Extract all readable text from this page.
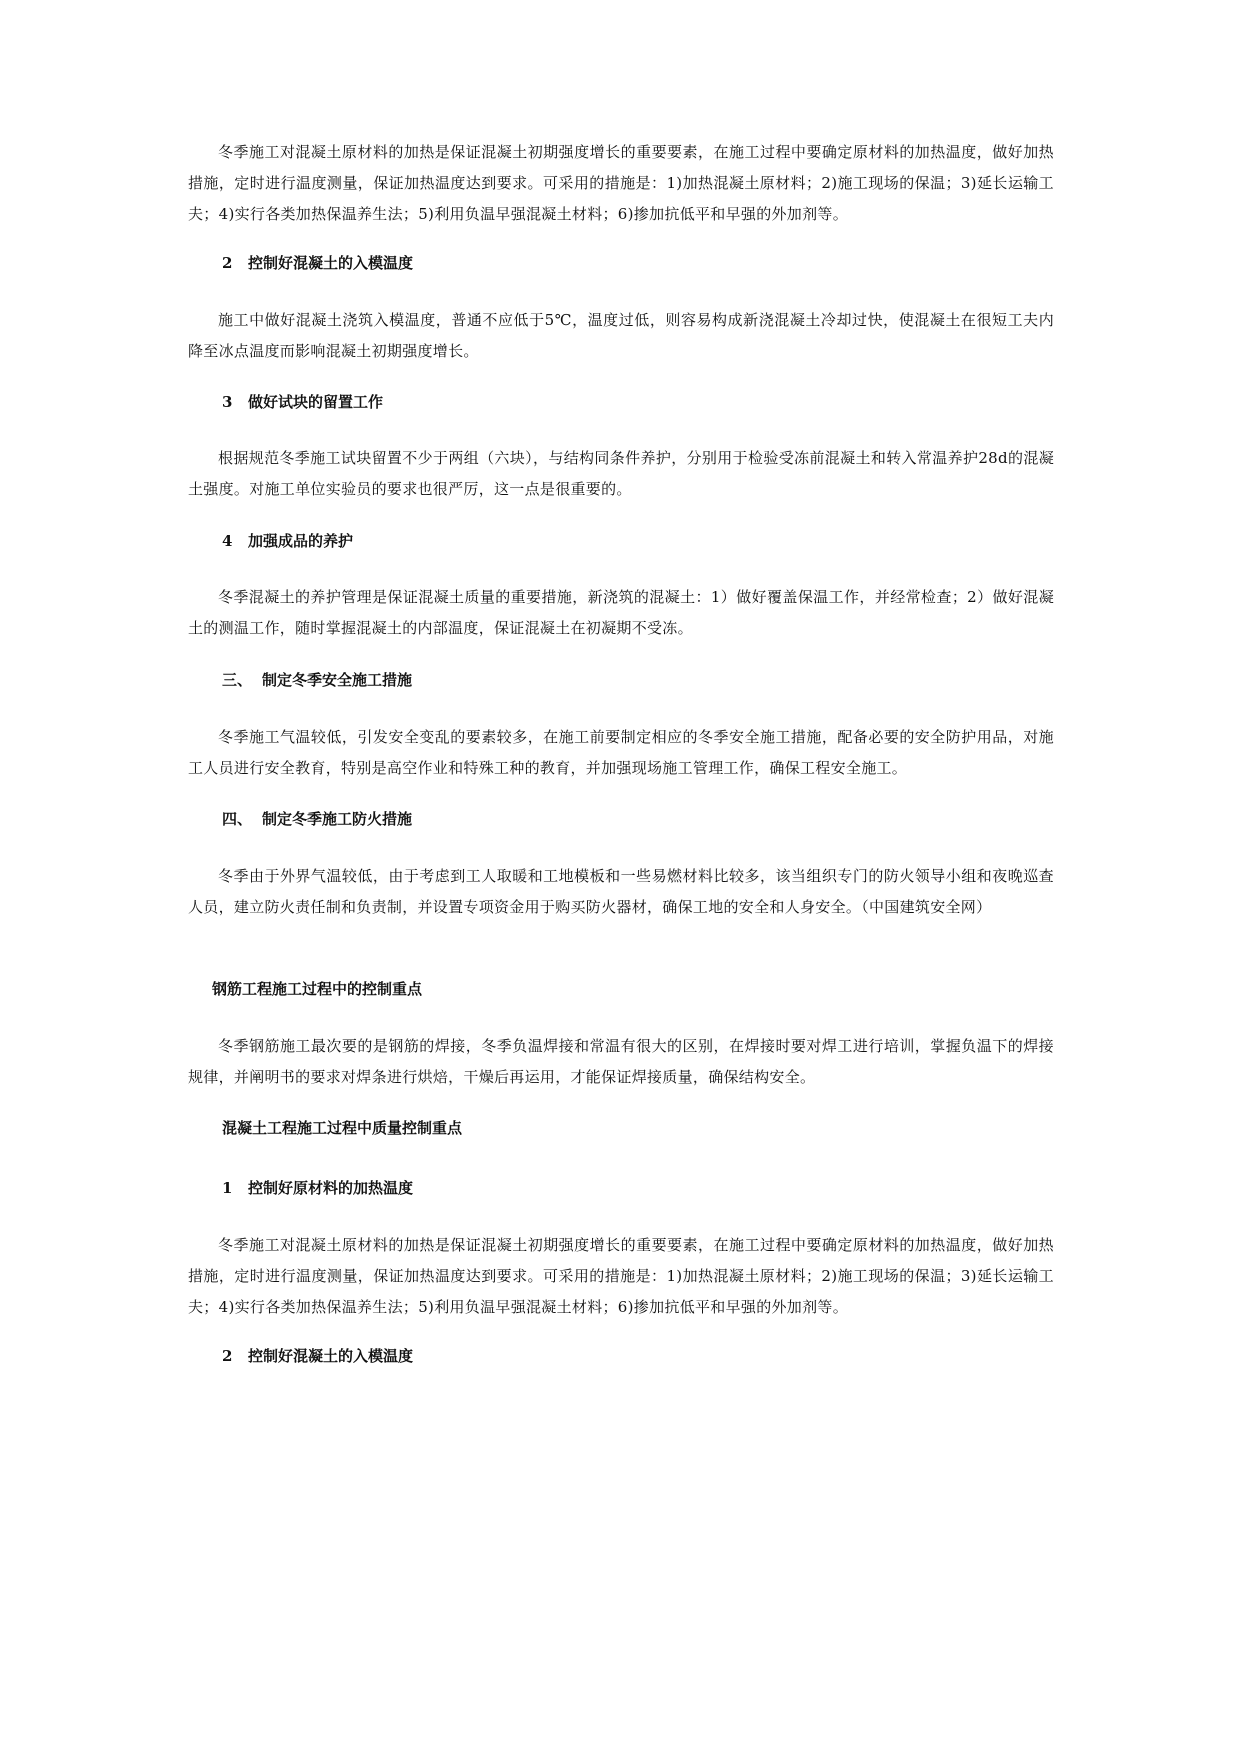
冬季施工对混凝土原材料的加热是保证混凝土初期强度增长的重要要素，在施工过程中要确定原材料的加热温度，做好加热措施，定时进行温度测量，保证加热温度达到要求。可采用的措施是：1)加热混凝土原材料；2)施工现场的保温；3)延长运输工夫；4)实行各类加热保温养生法；5)利用负温早强混凝土材料；6)掺加抗低平和早强的外加剂等。

2 控制好混凝土的入模温度

施工中做好混凝土浇筑入模温度，普通不应低于5℃，温度过低，则容易构成新浇混凝土冷却过快，使混凝土在很短工夫内降至冰点温度而影响混凝土初期强度增长。

3 做好试块的留置工作

根据规范冬季施工试块留置不少于两组（六块），与结构同条件养护，分别用于检验受冻前混凝土和转入常温养护28d的混凝土强度。对施工单位实验员的要求也很严厉，这一点是很重要的。

4 加强成品的养护

冬季混凝土的养护管理是保证混凝土质量的重要措施，新浇筑的混凝土：1）做好覆盖保温工作，并经常检查；2）做好混凝土的测温工作，随时掌握混凝土的内部温度，保证混凝土在初凝期不受冻。

三、 制定冬季安全施工措施

冬季施工气温较低，引发安全变乱的要素较多，在施工前要制定相应的冬季安全施工措施，配备必要的安全防护用品，对施工人员进行安全教育，特别是高空作业和特殊工种的教育，并加强现场施工管理工作，确保工程安全施工。

四、 制定冬季施工防火措施

冬季由于外界气温较低，由于考虑到工人取暖和工地模板和一些易燃材料比较多，该当组织专门的防火领导小组和夜晚巡查人员，建立防火责任制和负责制，并设置专项资金用于购买防火器材，确保工地的安全和人身安全。（中国建筑安全网）

钢筋工程施工过程中的控制重点

冬季钢筋施工最次要的是钢筋的焊接，冬季负温焊接和常温有很大的区别，在焊接时要对焊工进行培训，掌握负温下的焊接规律，并阐明书的要求对焊条进行烘焙，干燥后再运用，才能保证焊接质量，确保结构安全。

混凝土工程施工过程中质量控制重点

1 控制好原材料的加热温度

冬季施工对混凝土原材料的加热是保证混凝土初期强度增长的重要要素，在施工过程中要确定原材料的加热温度，做好加热措施，定时进行温度测量，保证加热温度达到要求。可采用的措施是：1)加热混凝土原材料；2)施工现场的保温；3)延长运输工夫；4)实行各类加热保温养生法；5)利用负温早强混凝土材料；6)掺加抗低平和早强的外加剂等。

2 控制好混凝土的入模温度
